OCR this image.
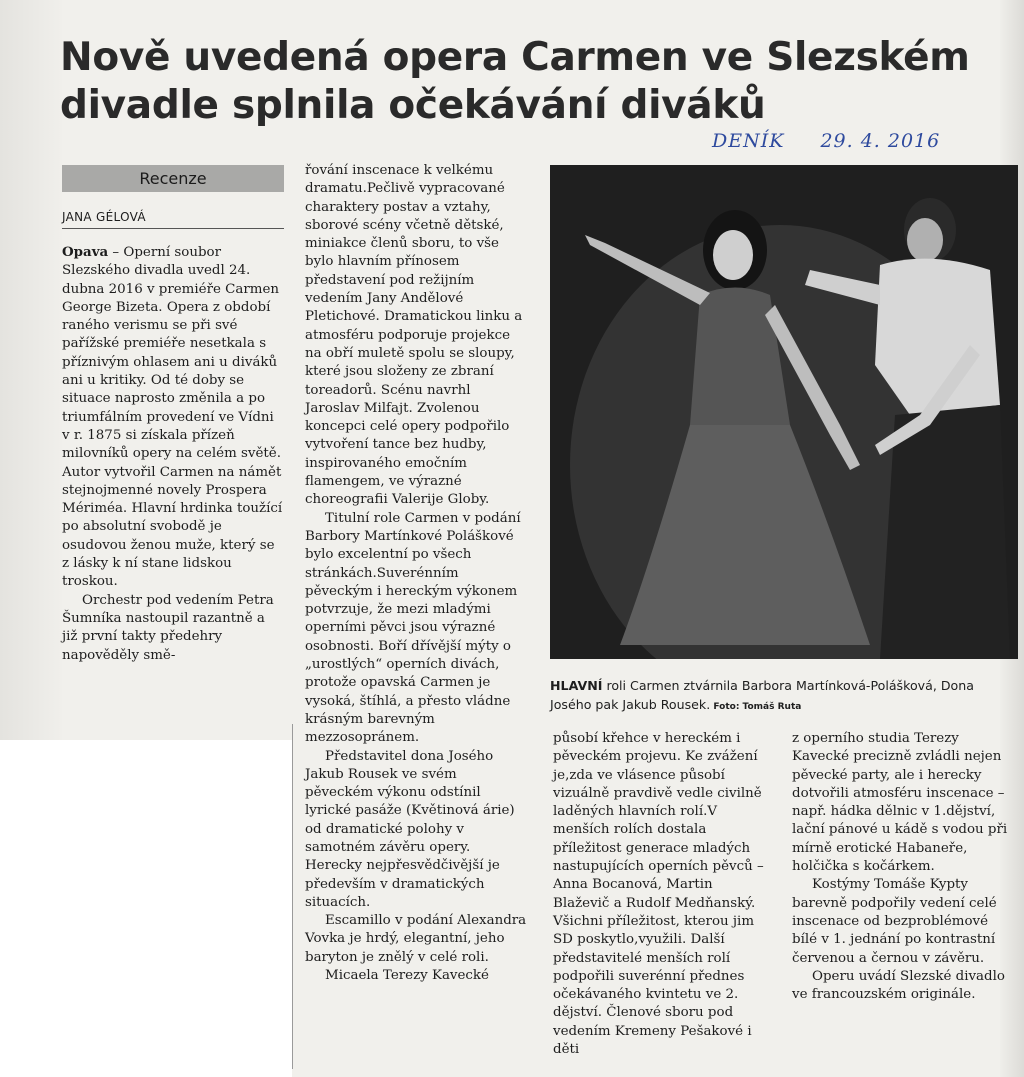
Nově uvedená opera Carmen ve Slezském divadle splnila očekávání diváků
DENÍK 29. 4. 2016
Recenze
JANA GÉLOVÁ

Opava – Operní soubor Slezského divadla uvedl 24. dubna 2016 v premiéře Carmen George Bizeta. Opera z období raného verismu se při své pařížské premiéře nesetkala s příznivým ohlasem ani u diváků ani u kritiky. Od té doby se situace naprosto změnila a po triumfálním provedení ve Vídni v r. 1875 si získala přízeň milovníků opery na celém světě. Autor vytvořil Carmen na námět stejnojmenné novely Prospera Mériméa. Hlavní hrdinka toužící po absolutní svobodě je osudovou ženou muže, který se z lásky k ní stane lidskou troskou.

Orchestr pod vedením Petra Šumníka nastoupil razantně a již první takty předehry napověděly smě-

řování inscenace k velkému dramatu.Pečlivě vypracované charaktery postav a vztahy, sborové scény včetně dětské, miniakce členů sboru, to vše bylo hlavním přínosem představení pod režijním vedením Jany Andělové Pletichové. Dramatickou linku a atmosféru podporuje projekce na obří muletě spolu se sloupy, které jsou složeny ze zbraní toreadorů. Scénu navrhl Jaroslav Milfajt. Zvolenou koncepci celé opery podpořilo vytvoření tance bez hudby, inspirovaného emočním flamengem, ve výrazné choreografii Valerije Globy.

Titulní role Carmen v podání Barbory Martínkové Poláškové bylo excelentní po všech stránkách.Suverénním pěveckým i hereckým výkonem potvrzuje, že mezi mladými operními pěvci jsou výrazné osobnosti. Boří dřívější mýty o „urostlých“ operních divách, protože opavská Carmen je vysoká, štíhlá, a přesto vládne krásným barevným mezzosopránem.

Představitel dona Josého Jakub Rousek ve svém pěveckém výkonu odstínil lyrické pasáže (Květinová árie) od dramatické polohy v samotném závěru opery. Herecky nejpřesvědčivější je především v dramatických situacích.

Escamillo v podání Alexandra Vovka je hrdý, elegantní, jeho baryton je znělý v celé roli.

Micaela Terezy Kavecké

HLAVNÍ roli Carmen ztvárnila Barbora Martínková-Polášková, Dona Josého pak Jakub Rousek. Foto: Tomáš Ruta

působí křehce v hereckém i pěveckém projevu. Ke zvážení je,zda ve vlásence působí vizuálně pravdivě vedle civilně laděných hlavních rolí.V menších rolích dostala příležitost generace mladých nastupujících operních pěvců – Anna Bocanová, Martin Blaževič a Rudolf Medňanský. Všichni příležitost, kterou jim SD poskytlo,využili. Další představitelé menších rolí podpořili suverénní přednes očekávaného kvintetu ve 2. dějství. Členové sboru pod vedením Kremeny Pešakové i děti

z operního studia Terezy Kavecké precizně zvládli nejen pěvecké party, ale i herecky dotvořili atmosféru inscenace – např. hádka dělnic v 1.dějství, lační pánové u kádě s vodou při mírně erotické Habaneře, holčička s kočárkem.

Kostýmy Tomáše Kypty barevně podpořily vedení celé inscenace od bezproblémové bílé v 1. jednání po kontrastní červenou a černou v závěru.

Operu uvádí Slezské divadlo ve francouzském originále.
